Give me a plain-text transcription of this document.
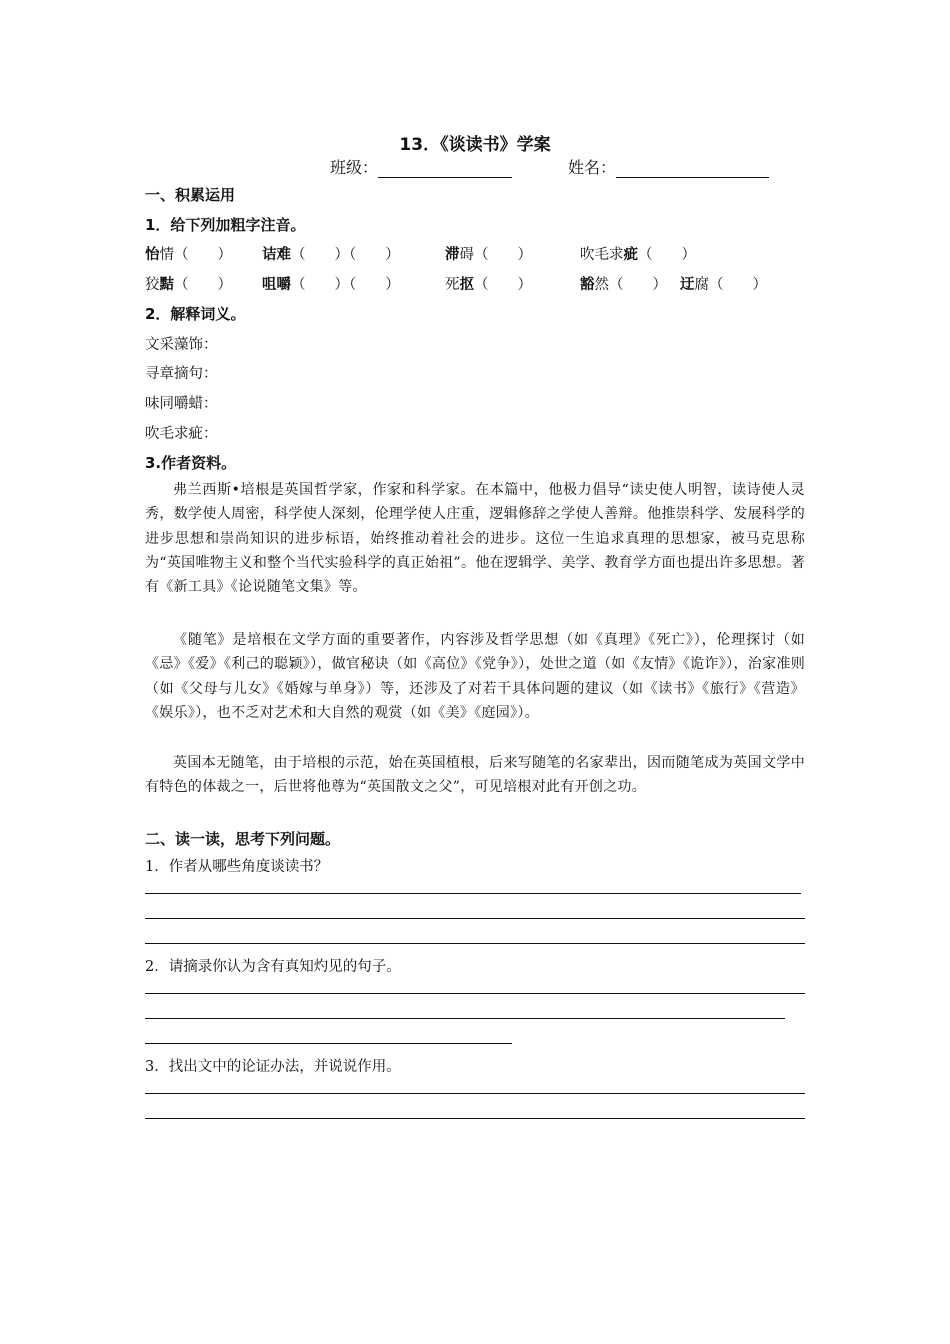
13．《谈读书》学案
班级：	姓名：
一、积累运用
1．给下列加粗字注音。
怡情（　　） 诘难（　　）（　　）	滞碍（　　）	吹毛求疵（　　）
狡黠（　　） 咀嚼（　　）（　　）	死抠（　　）	豁然（　　） 迂腐（　　）
2．解释词义。
文采藻饰：
寻章摘句：
味同嚼蜡：
吹毛求疵：
3.作者资料。
弗兰西斯•培根是英国哲学家，作家和科学家。在本篇中，他极力倡导“读史使人明智，读诗使人灵秀，数学使人周密，科学使人深刻，伦理学使人庄重，逻辑修辞之学使人善辩。他推崇科学、发展科学的进步思想和崇尚知识的进步标语，始终推动着社会的进步。这位一生追求真理的思想家，被马克思称为“英国唯物主义和整个当代实验科学的真正始祖”。他在逻辑学、美学、教育学方面也提出许多思想。著有《新工具》《论说随笔文集》等。
《随笔》是培根在文学方面的重要著作，内容涉及哲学思想（如《真理》《死亡》），伦理探讨（如《忌》《爱》《利己的聪颖》），做官秘诀（如《高位》《党争》），处世之道（如《友情》《诡诈》），治家准则（如《父母与儿女》《婚嫁与单身》）等，还涉及了对若干具体问题的建议（如《读书》《旅行》《营造》《娱乐》），也不乏对艺术和大自然的观赏（如《美》《庭园》）。
英国本无随笔，由于培根的示范，始在英国植根，后来写随笔的名家辈出，因而随笔成为英国文学中有特色的体裁之一，后世将他尊为“英国散文之父”，可见培根对此有开创之功。
二、读一读，思考下列问题。
1．作者从哪些角度谈读书？
2．请摘录你认为含有真知灼见的句子。
3．找出文中的论证办法，并说说作用。
